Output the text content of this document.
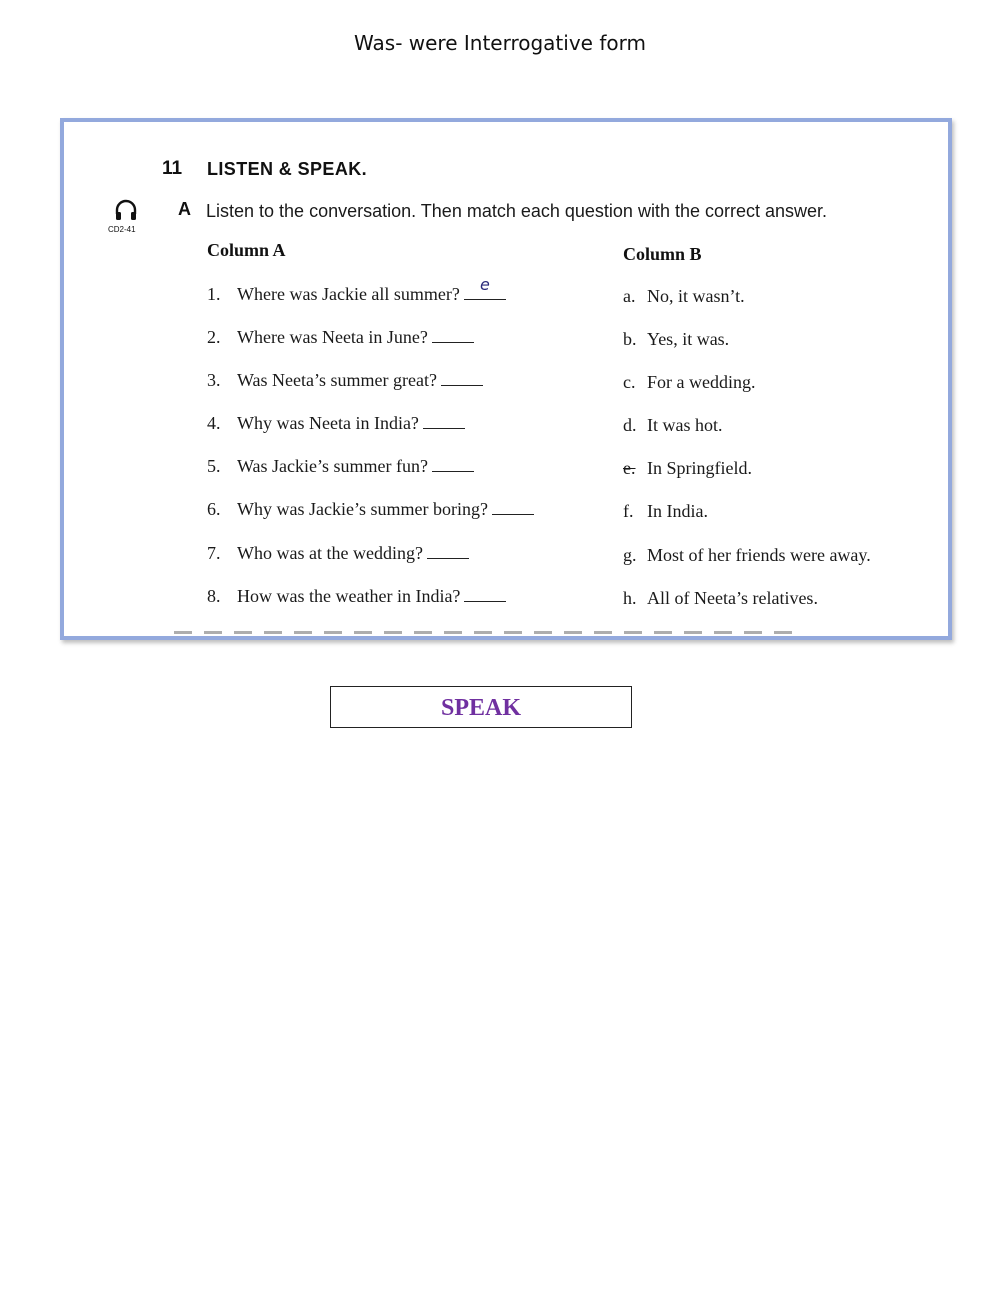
Was- were Interrogative form
11 LISTEN & SPEAK.
CD2-41
A Listen to the conversation. Then match each question with the correct answer.
Column A	Column B
1. Where was Jackie all summer?	e
2. Where was Neeta in June?
3. Was Neeta’s summer great?
4. Why was Neeta in India?
5. Was Jackie’s summer fun?
6. Why was Jackie’s summer boring?
7. Who was at the wedding?
8. How was the weather in India?
a. No, it wasn’t.
b. Yes, it was.
c. For a wedding.
d. It was hot.
e. In Springfield.
f. In India.
g. Most of her friends were away.
h. All of Neeta’s relatives.
SPEAK
